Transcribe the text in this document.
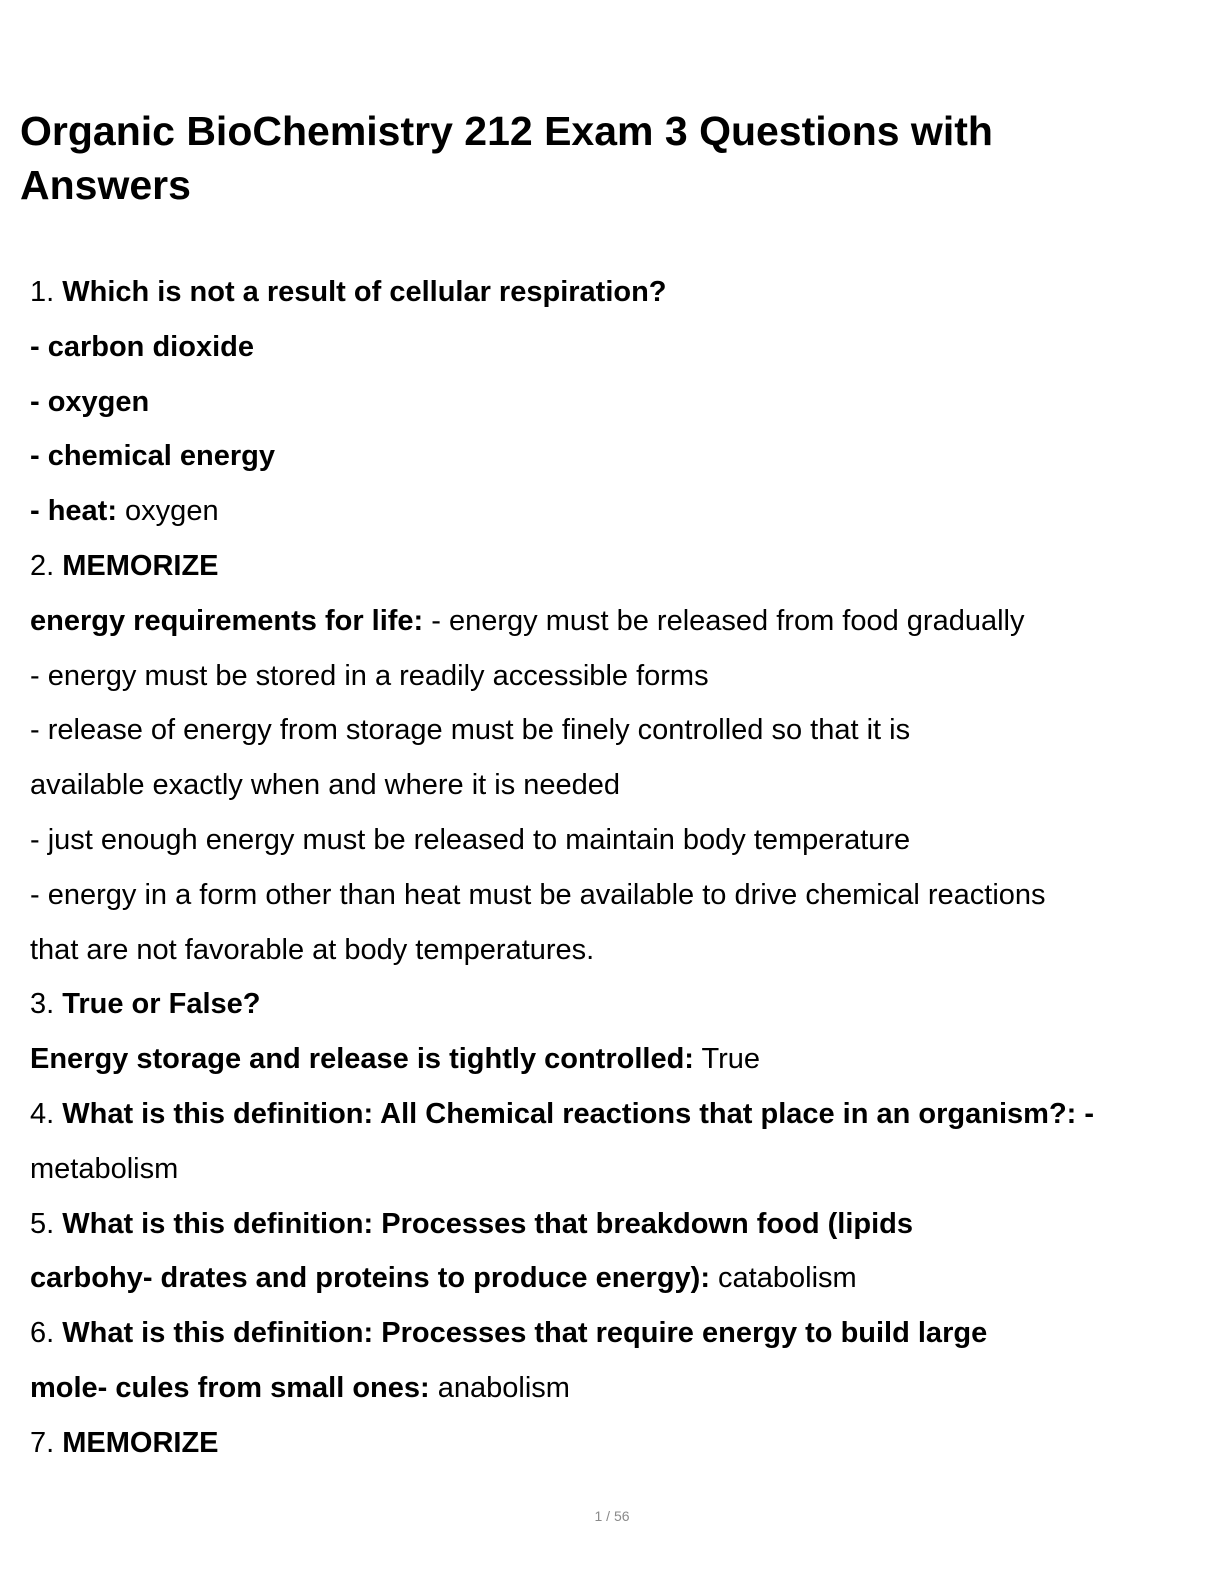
Organic BioChemistry 212 Exam 3 Questions with
Answers
1. Which is not a result of cellular respiration?
- carbon dioxide
- oxygen
- chemical energy
- heat: oxygen
2. MEMORIZE
energy requirements for life: - energy must be released from food gradually
- energy must be stored in a readily accessible forms
- release of energy from storage must be finely controlled so that it is
available exactly when and where it is needed
- just enough energy must be released to maintain body temperature
- energy in a form other than heat must be available to drive chemical reactions
that are not favorable at body temperatures.
3. True or False?
Energy storage and release is tightly controlled: True
4. What is this definition: All Chemical reactions that place in an organism?: -
metabolism
5. What is this definition: Processes that breakdown food (lipids
carbohy- drates and proteins to produce energy): catabolism
6. What is this definition: Processes that require energy to build large
mole- cules from small ones: anabolism
7. MEMORIZE
1 / 56
